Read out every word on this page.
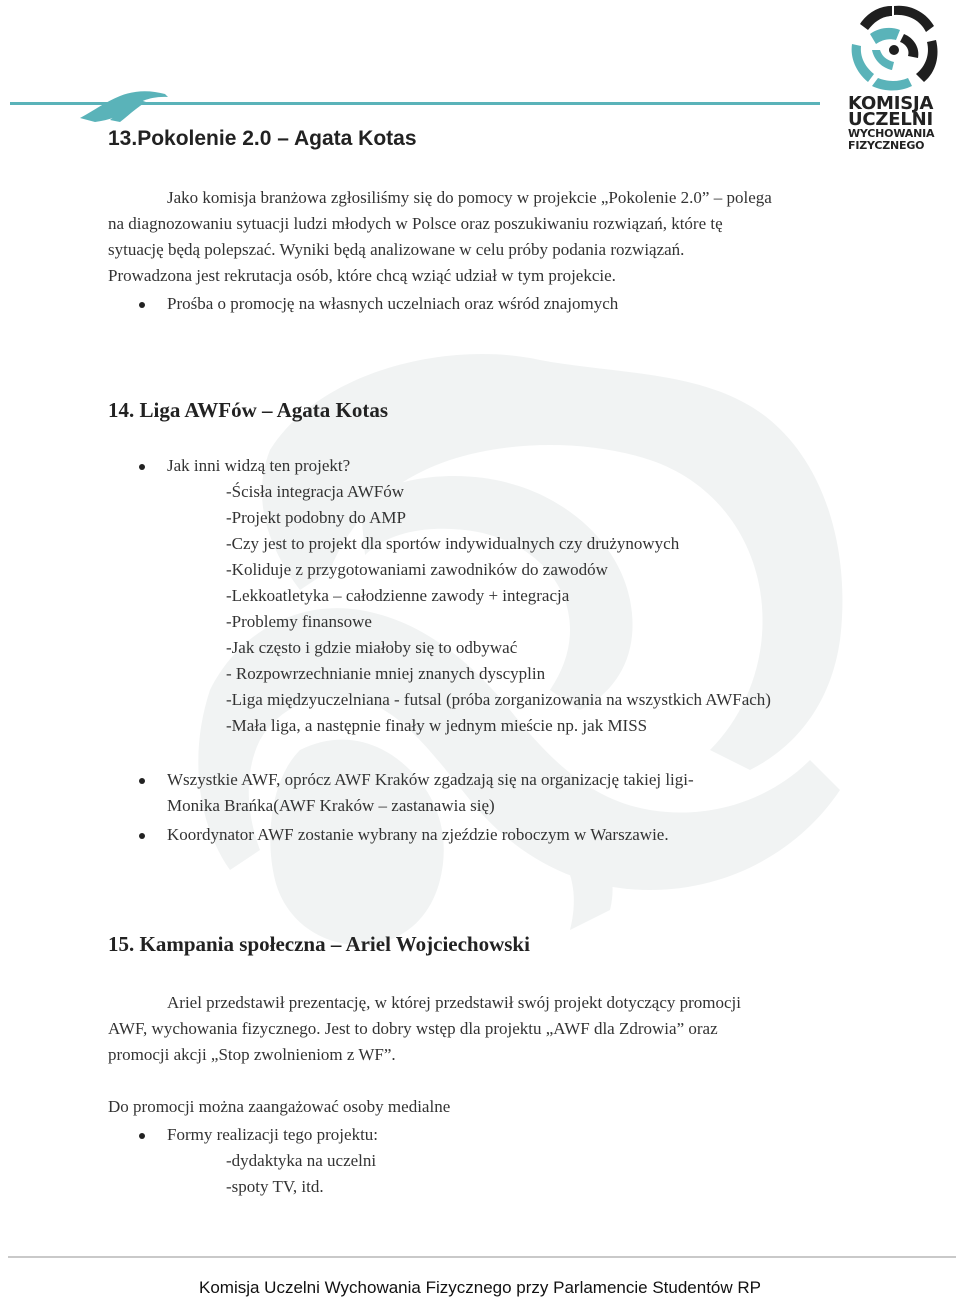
KOMISJA
UCZELNI
WYCHOWANIA
FIZYCZNEGO
13.Pokolenie 2.0 – Agata Kotas
Jako komisja branżowa zgłosiliśmy się do pomocy w projekcie „Pokolenie 2.0” – polega
na diagnozowaniu sytuacji ludzi młodych w Polsce oraz poszukiwaniu rozwiązań, które tę
sytuację będą polepszać. Wyniki będą analizowane w celu próby podania rozwiązań.
Prowadzona jest rekrutacja osób, które chcą wziąć udział w tym projekcie.
Prośba o promocję na własnych uczelniach oraz wśród znajomych
14. Liga AWFów – Agata Kotas
Jak inni widzą ten projekt?
-Ścisła integracja AWFów
-Projekt podobny do AMP
-Czy jest to projekt dla sportów indywidualnych czy drużynowych
-Koliduje z przygotowaniami zawodników do zawodów
-Lekkoatletyka – całodzienne zawody + integracja
-Problemy finansowe
-Jak często i gdzie miałoby się to odbywać
- Rozpowrzechnianie mniej znanych dyscyplin
-Liga międzyuczelniana - futsal (próba zorganizowania na wszystkich AWFach)
-Mała liga, a następnie finały w jednym mieście np. jak MISS
Wszystkie AWF, oprócz AWF Kraków zgadzają się na organizację takiej ligi-
Monika Brańka(AWF Kraków – zastanawia się)
Koordynator AWF zostanie wybrany na zjeździe roboczym w Warszawie.
15. Kampania społeczna – Ariel Wojciechowski
Ariel przedstawił prezentację, w której przedstawił swój projekt dotyczący promocji
AWF, wychowania fizycznego. Jest to dobry wstęp dla projektu „AWF dla Zdrowia” oraz
promocji akcji „Stop zwolnieniom z WF”.
Do promocji można zaangażować osoby medialne
Formy realizacji tego projektu:
-dydaktyka na uczelni
-spoty TV, itd.
Komisja Uczelni Wychowania Fizycznego przy Parlamencie Studentów RP
